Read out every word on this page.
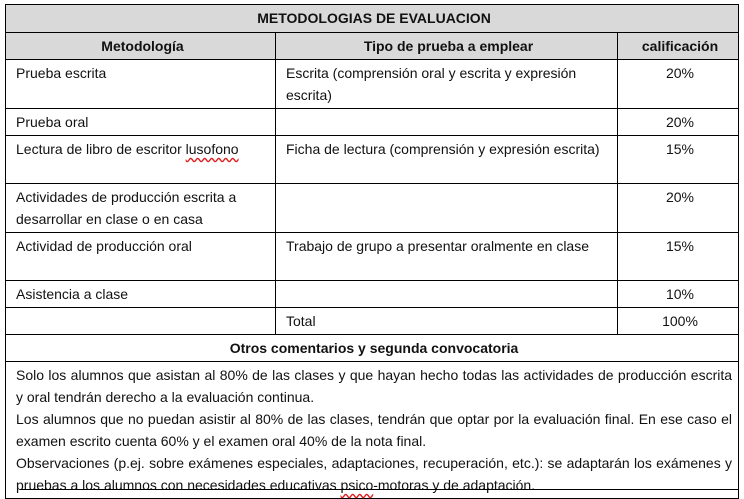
METODOLOGIAS DE EVALUACION		
Metodología	Tipo de prueba a emplear	calificación
Prueba escrita	Escrita (comprensión oral y escrita y expresión escrita)	20%
Prueba oral		20%
Lectura de libro de escritor lusofono	Ficha de lectura (comprensión y expresión escrita)	15%
Actividades de producción escrita a desarrollar en clase o en casa		20%
Actividad de producción oral	Trabajo de grupo a presentar oralmente en clase	15%
Asistencia a clase		10%
	Total	100%
Otros comentarios y segunda convocatoria		

Solo los alumnos que asistan al 80% de las clases y que hayan hecho todas las actividades de producción escrita y oral tendrán derecho a la evaluación continua.
Los alumnos que no puedan asistir al 80% de las clases, tendrán que optar por la evaluación final. En ese caso el examen escrito cuenta 60% y el examen oral 40% de la nota final.
Observaciones (p.ej. sobre exámenes especiales, adaptaciones, recuperación, etc.): se adaptarán los exámenes y pruebas a los alumnos con necesidades educativas psico-motoras y de adaptación.		
